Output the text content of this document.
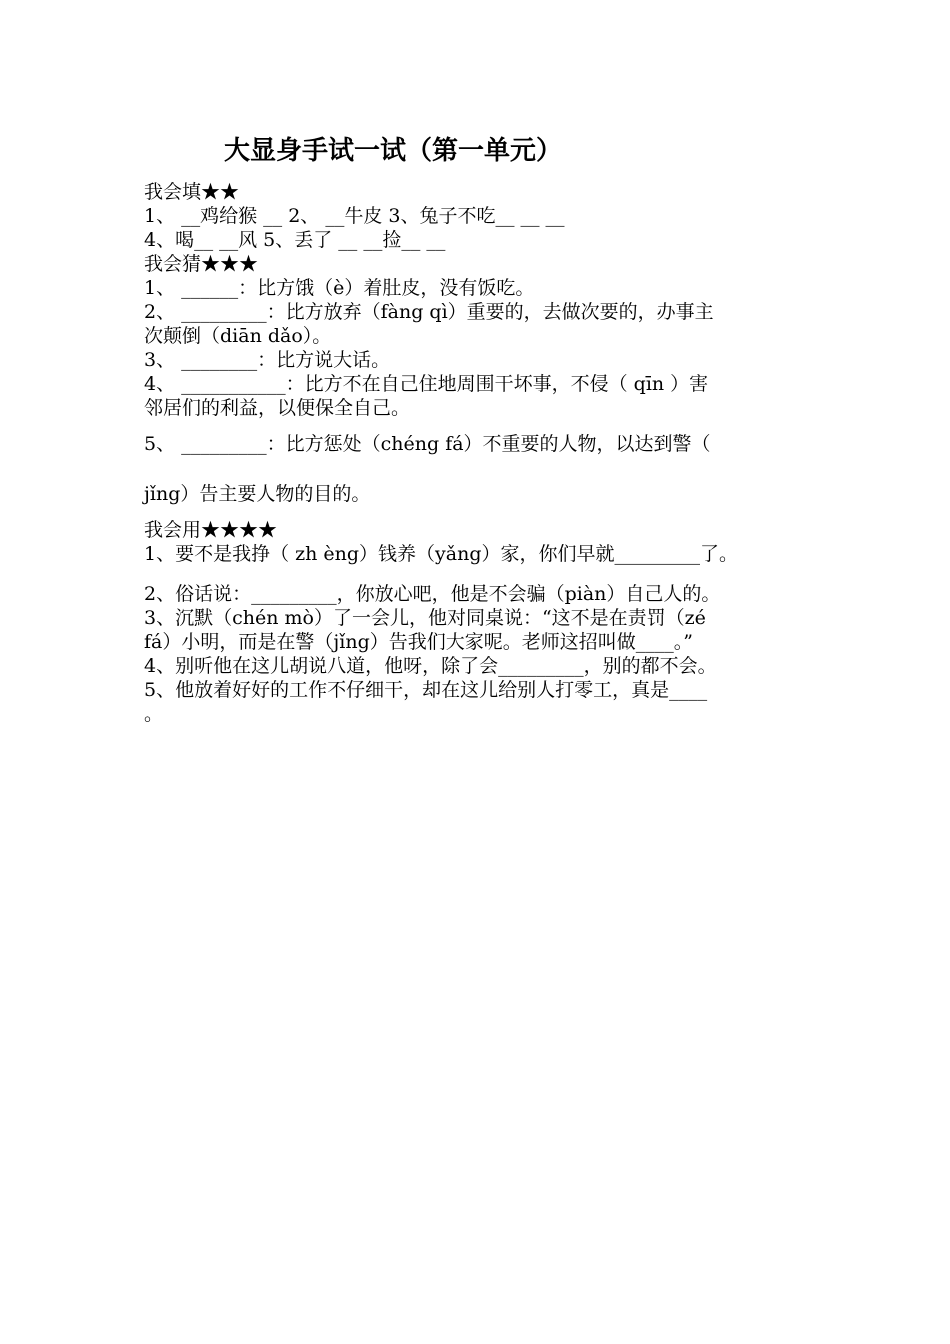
大显身手试一试（第一单元）
我会填★★
1、 __鸡给猴 __ 2、 __牛皮 3、兔子不吃__ __ __
4、喝__ __风 5、丢了 __ __捡__ __
我会猜★★★
1、 ______：比方饿（è）着肚皮，没有饭吃。
2、 _________：比方放弃（fàng qì）重要的，去做次要的，办事主
次颠倒（diān dǎo）。
3、 ________：比方说大话。
4、 ___________：比方不在自己住地周围干坏事，不侵（ qīn ）害
邻居们的利益，以便保全自己。
5、 _________：比方惩处（chéng fá）不重要的人物，以达到警（
jǐng）告主要人物的目的。
我会用★★★★
1、要不是我挣（ zh èng）钱养（yǎng）家，你们早就_________了。
2、俗话说：_________，你放心吧，他是不会骗（piàn）自己人的。
3、沉默（chén mò）了一会儿，他对同桌说：“这不是在责罚（zé
fá）小明，而是在警（jǐng）告我们大家呢。老师这招叫做____。”
4、别听他在这儿胡说八道，他呀，除了会_________，别的都不会。
5、他放着好好的工作不仔细干，却在这儿给别人打零工，真是____
。
